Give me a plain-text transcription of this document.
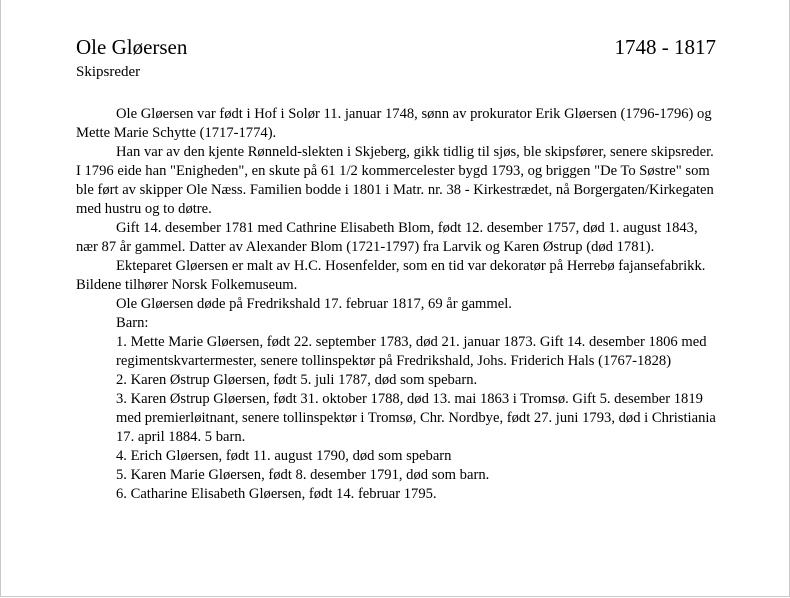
Ole Gløersen	1748 - 1817
Skipsreder

Ole Gløersen var født i Hof i Solør 11. januar 1748, sønn av prokurator Erik Gløersen (1796-1796) og Mette Marie Schytte (1717-1774).

Han var av den kjente Rønneld-slekten i Skjeberg, gikk tidlig til sjøs, ble skipsfører, senere skipsreder. I 1796 eide han "Enigheden", en skute på 61 1/2 kommercelester bygd 1793, og briggen "De To Søstre" som ble ført av skipper Ole Næss. Familien bodde i 1801 i Matr. nr. 38 - Kirkestrædet, nå Borgergaten/Kirkegaten med hustru og to døtre.

Gift 14. desember 1781 med Cathrine Elisabeth Blom, født 12. desember 1757, død 1. august 1843, nær 87 år gammel. Datter av Alexander Blom (1721-1797) fra Larvik og Karen Østrup (død 1781).

Ekteparet Gløersen er malt av H.C. Hosenfelder, som en tid var dekoratør på Herrebø fajansefabrikk. Bildene tilhører Norsk Folkemuseum.

Ole Gløersen døde på Fredrikshald 17. februar 1817, 69 år gammel.

Barn:

1. Mette Marie Gløersen, født 22. september 1783, død 21. januar 1873. Gift 14. desember 1806 med regimentskvartermester, senere tollinspektør på Fredrikshald, Johs. Friderich Hals (1767-1828)

2. Karen Østrup Gløersen, født 5. juli 1787, død som spebarn.

3. Karen Østrup Gløersen, født 31. oktober 1788, død 13. mai 1863 i Tromsø. Gift 5. desember 1819 med premierløitnant, senere tollinspektør i Tromsø, Chr. Nordbye, født 27. juni 1793, død i Christiania 17. april 1884. 5 barn.

4. Erich Gløersen, født 11. august 1790, død som spebarn

5. Karen Marie Gløersen, født 8. desember 1791, død som barn.

6. Catharine Elisabeth Gløersen, født 14. februar 1795.
